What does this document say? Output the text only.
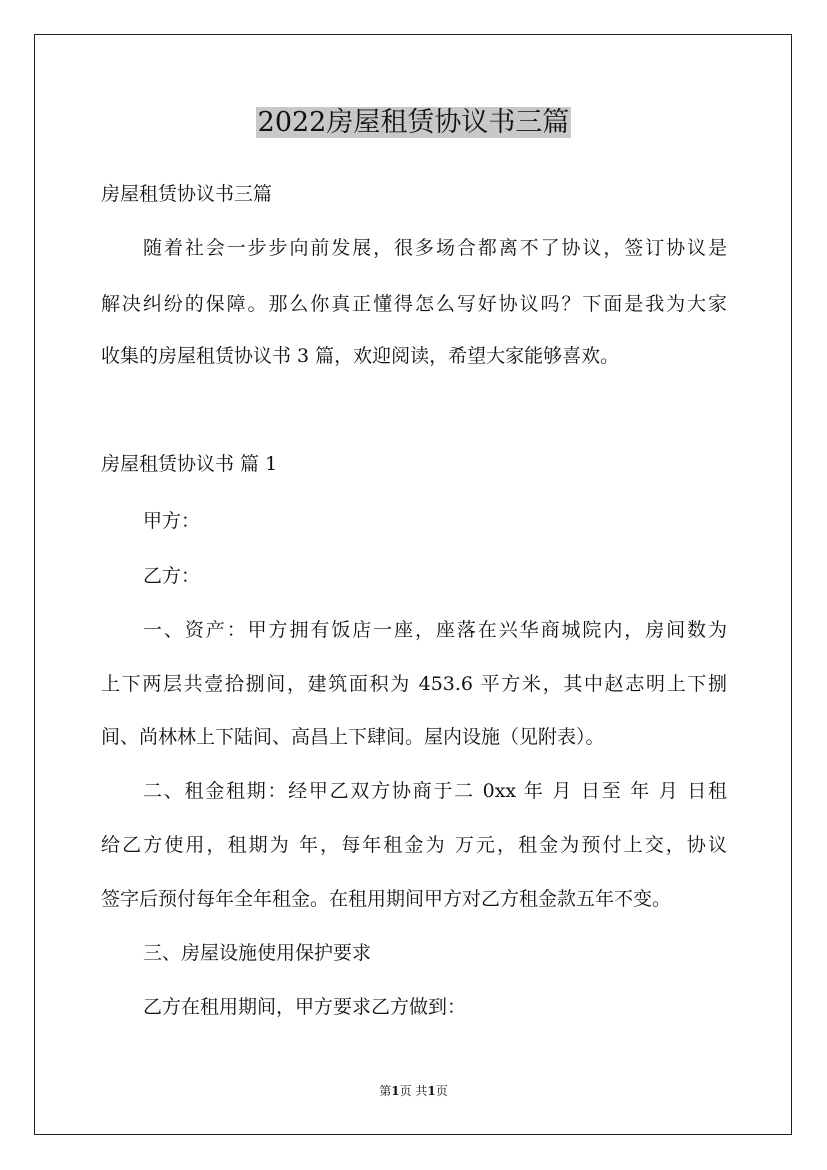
2022房屋租赁协议书三篇

房屋租赁协议书三篇

随着社会一步步向前发展，很多场合都离不了协议，签订协议是

解决纠纷的保障。那么你真正懂得怎么写好协议吗？下面是我为大家

收集的房屋租赁协议书 3 篇，欢迎阅读，希望大家能够喜欢。

房屋租赁协议书 篇 1

甲方：

乙方：

一、资产：甲方拥有饭店一座，座落在兴华商城院内，房间数为

上下两层共壹拾捌间，建筑面积为 453.6 平方米，其中赵志明上下捌

间、尚林林上下陆间、高昌上下肆间。屋内设施（见附表）。

二、租金租期：经甲乙双方协商于二 0xx 年 月 日至 年 月 日租

给乙方使用，租期为 年，每年租金为 万元，租金为预付上交，协议

签字后预付每年全年租金。在租用期间甲方对乙方租金款五年不变。

三、房屋设施使用保护要求

乙方在租用期间，甲方要求乙方做到：

第1页 共1页
